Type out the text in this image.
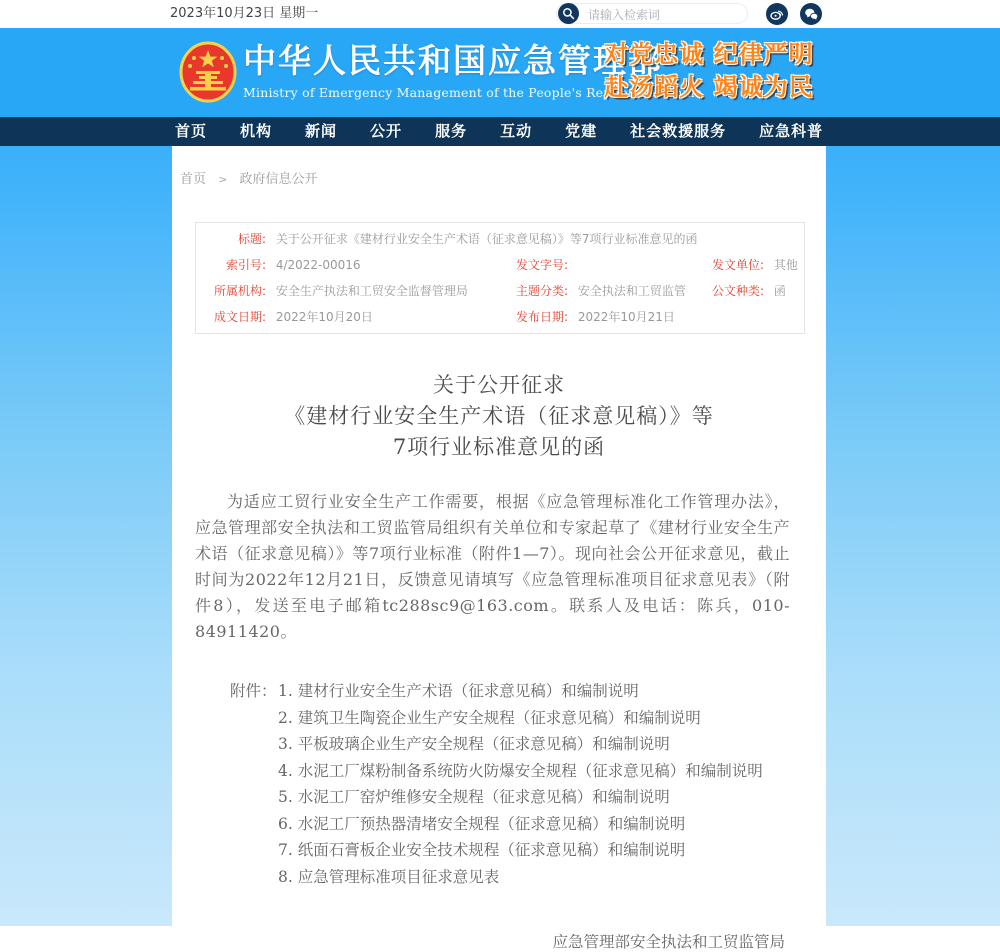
2023年10月23日 星期一
请输入检索词
中华人民共和国应急管理部
Ministry of Emergency Management of the People's Republic of China
对党忠诚 纪律严明
赴汤蹈火 竭诚为民
首页 机构 新闻 公开 服务 互动 党建 社会救援服务 应急科普
首页 > 政府信息公开
标题: 关于公开征求《建材行业安全生产术语（征求意见稿）》等7项行业标准意见的函
索引号: 4/2022-00016	发文字号:	发文单位: 其他
所属机构: 安全生产执法和工贸安全监督管理局	主题分类: 安全执法和工贸监管	公文种类: 函
成文日期: 2022年10月20日	发布日期: 2022年10月21日
关于公开征求
《建材行业安全生产术语（征求意见稿）》等
7项行业标准意见的函

为适应工贸行业安全生产工作需要，根据《应急管理标准化工作管理办法》，应急管理部安全执法和工贸监管局组织有关单位和专家起草了《建材行业安全生产术语（征求意见稿）》等7项行业标准（附件1—7）。现向社会公开征求意见，截止时间为2022年12月21日，反馈意见请填写《应急管理标准项目征求意见表》（附件8），发送至电子邮箱tc288sc9@163.com。联系人及电话：陈兵，010-84911420。

附件： 1. 建材行业安全生产术语（征求意见稿）和编制说明
2. 建筑卫生陶瓷企业生产安全规程（征求意见稿）和编制说明
3. 平板玻璃企业生产安全规程（征求意见稿）和编制说明
4. 水泥工厂煤粉制备系统防火防爆安全规程（征求意见稿）和编制说明
5. 水泥工厂窑炉维修安全规程（征求意见稿）和编制说明
6. 水泥工厂预热器清堵安全规程（征求意见稿）和编制说明
7. 纸面石膏板企业安全技术规程（征求意见稿）和编制说明
8. 应急管理标准项目征求意见表
应急管理部安全执法和工贸监管局
